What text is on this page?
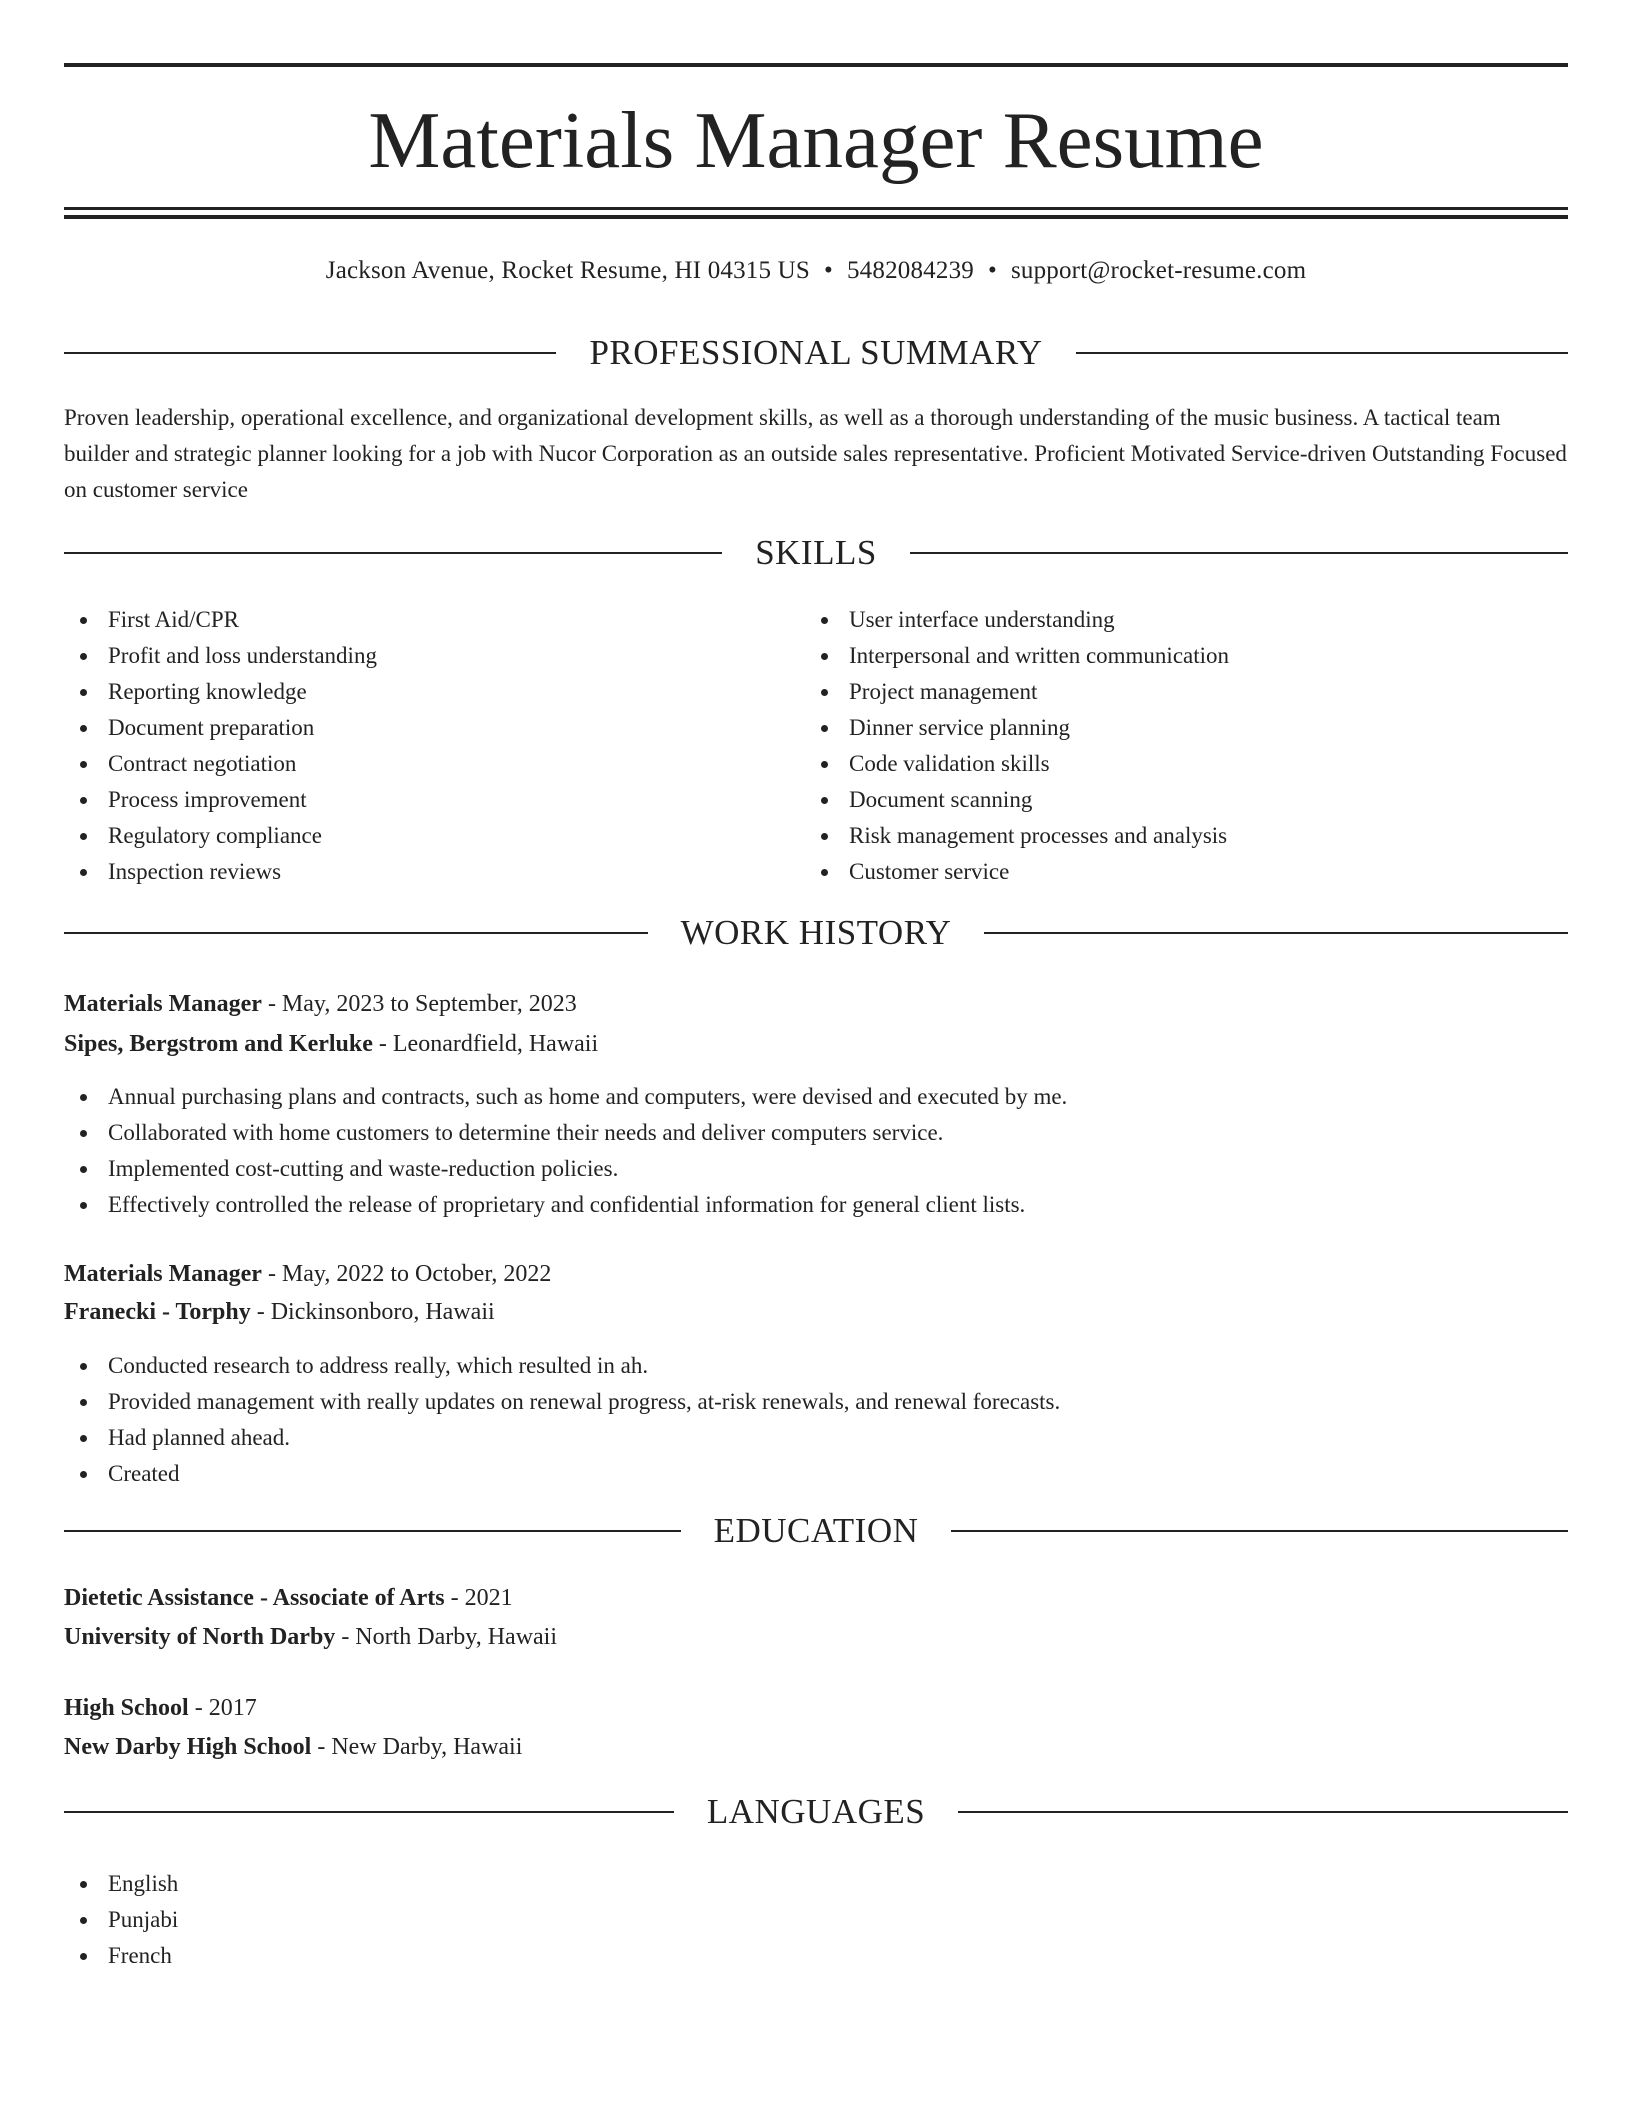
Materials Manager Resume
Jackson Avenue, Rocket Resume, HI 04315 US • 5482084239 • support@rocket-resume.com
PROFESSIONAL SUMMARY

Proven leadership, operational excellence, and organizational development skills, as well as a thorough understanding of the music business. A tactical team builder and strategic planner looking for a job with Nucor Corporation as an outside sales representative. Proficient Motivated Service-driven Outstanding Focused on customer service

SKILLS
First Aid/CPR
Profit and loss understanding
Reporting knowledge
Document preparation
Contract negotiation
Process improvement
Regulatory compliance
Inspection reviews
User interface understanding
Interpersonal and written communication
Project management
Dinner service planning
Code validation skills
Document scanning
Risk management processes and analysis
Customer service
WORK HISTORY
Materials Manager - May, 2023 to September, 2023
Sipes, Bergstrom and Kerluke - Leonardfield, Hawaii
Annual purchasing plans and contracts, such as home and computers, were devised and executed by me.
Collaborated with home customers to determine their needs and deliver computers service.
Implemented cost-cutting and waste-reduction policies.
Effectively controlled the release of proprietary and confidential information for general client lists.
Materials Manager - May, 2022 to October, 2022
Franecki - Torphy - Dickinsonboro, Hawaii
Conducted research to address really, which resulted in ah.
Provided management with really updates on renewal progress, at-risk renewals, and renewal forecasts.
Had planned ahead.
Created
EDUCATION
Dietetic Assistance - Associate of Arts - 2021
University of North Darby - North Darby, Hawaii
High School - 2017
New Darby High School - New Darby, Hawaii
LANGUAGES
English
Punjabi
French
